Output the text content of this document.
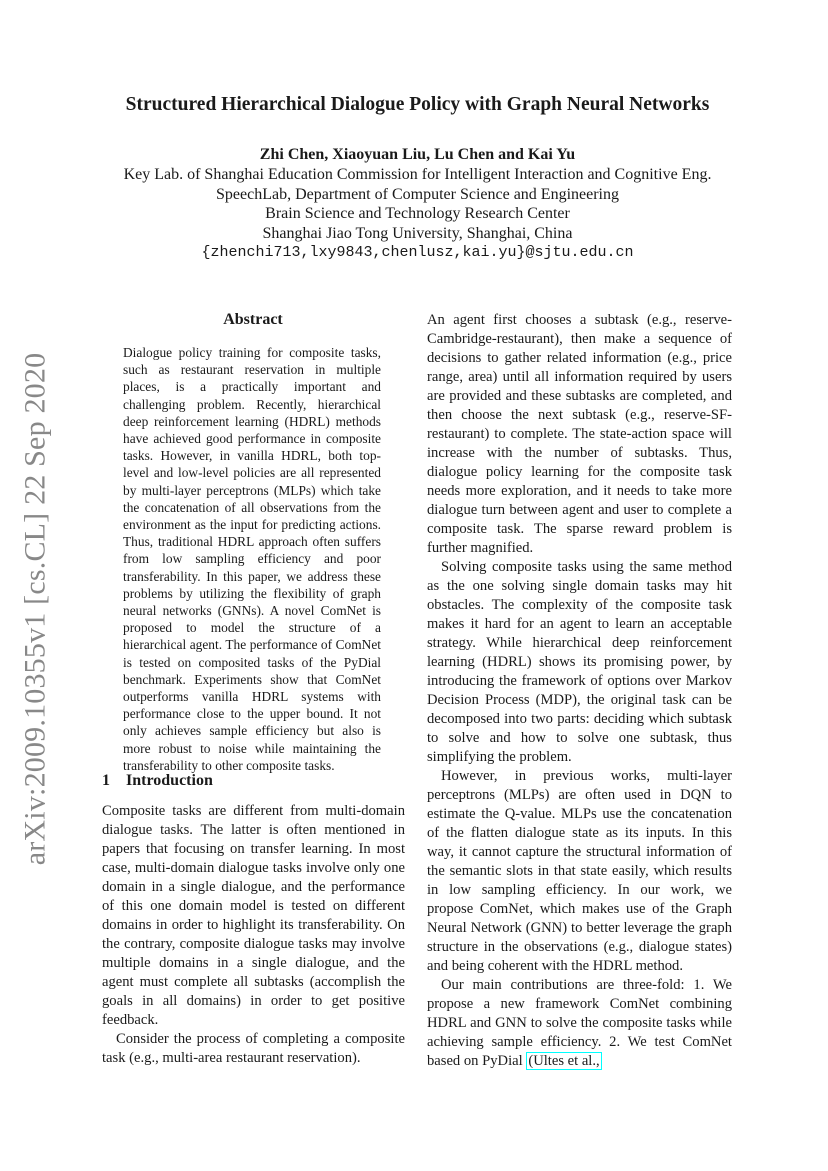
arXiv:2009.10355v1 [cs.CL] 22 Sep 2020
Structured Hierarchical Dialogue Policy with Graph Neural Networks
Zhi Chen, Xiaoyuan Liu, Lu Chen and Kai Yu
Key Lab. of Shanghai Education Commission for Intelligent Interaction and Cognitive Eng.
SpeechLab, Department of Computer Science and Engineering
Brain Science and Technology Research Center
Shanghai Jiao Tong University, Shanghai, China
{zhenchi713,lxy9843,chenlusz,kai.yu}@sjtu.edu.cn
Abstract
Dialogue policy training for composite tasks, such as restaurant reservation in multiple places, is a practically important and challenging problem. Recently, hierarchical deep reinforcement learning (HDRL) methods have achieved good performance in composite tasks. However, in vanilla HDRL, both top-level and low-level policies are all represented by multi-layer perceptrons (MLPs) which take the concatenation of all observations from the environment as the input for predicting actions. Thus, traditional HDRL approach often suffers from low sampling efficiency and poor transferability. In this paper, we address these problems by utilizing the flexibility of graph neural networks (GNNs). A novel ComNet is proposed to model the structure of a hierarchical agent. The performance of ComNet is tested on composited tasks of the PyDial benchmark. Experiments show that ComNet outperforms vanilla HDRL systems with performance close to the upper bound. It not only achieves sample efficiency but also is more robust to noise while maintaining the transferability to other composite tasks.
1 Introduction

Composite tasks are different from multi-domain dialogue tasks. The latter is often mentioned in papers that focusing on transfer learning. In most case, multi-domain dialogue tasks involve only one domain in a single dialogue, and the performance of this one domain model is tested on different domains in order to highlight its transferability. On the contrary, composite dialogue tasks may involve multiple domains in a single dialogue, and the agent must complete all subtasks (accomplish the goals in all domains) in order to get positive feedback.

Consider the process of completing a composite task (e.g., multi-area restaurant reservation).

An agent first chooses a subtask (e.g., reserve-Cambridge-restaurant), then make a sequence of decisions to gather related information (e.g., price range, area) until all information required by users are provided and these subtasks are completed, and then choose the next subtask (e.g., reserve-SF-restaurant) to complete. The state-action space will increase with the number of subtasks. Thus, dialogue policy learning for the composite task needs more exploration, and it needs to take more dialogue turn between agent and user to complete a composite task. The sparse reward problem is further magnified.

Solving composite tasks using the same method as the one solving single domain tasks may hit obstacles. The complexity of the composite task makes it hard for an agent to learn an acceptable strategy. While hierarchical deep reinforcement learning (HDRL) shows its promising power, by introducing the framework of options over Markov Decision Process (MDP), the original task can be decomposed into two parts: deciding which subtask to solve and how to solve one subtask, thus simplifying the problem.

However, in previous works, multi-layer perceptrons (MLPs) are often used in DQN to estimate the Q-value. MLPs use the concatenation of the flatten dialogue state as its inputs. In this way, it cannot capture the structural information of the semantic slots in that state easily, which results in low sampling efficiency. In our work, we propose ComNet, which makes use of the Graph Neural Network (GNN) to better leverage the graph structure in the observations (e.g., dialogue states) and being coherent with the HDRL method.

Our main contributions are three-fold: 1. We propose a new framework ComNet combining HDRL and GNN to solve the composite tasks while achieving sample efficiency. 2. We test ComNet based on PyDial (Ultes et al.,
